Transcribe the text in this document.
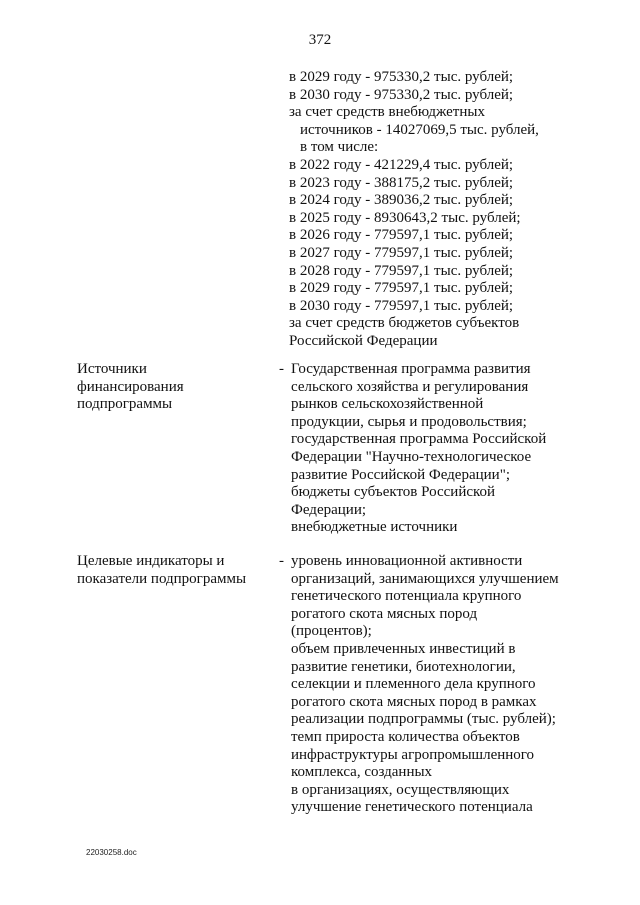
372
в 2029 году - 975330,2 тыс. рублей;
в 2030 году - 975330,2 тыс. рублей;
за счет средств внебюджетных
источников - 14027069,5 тыс. рублей,
в том числе:
в 2022 году - 421229,4 тыс. рублей;
в 2023 году - 388175,2 тыс. рублей;
в 2024 году - 389036,2 тыс. рублей;
в 2025 году - 8930643,2 тыс. рублей;
в 2026 году - 779597,1 тыс. рублей;
в 2027 году - 779597,1 тыс. рублей;
в 2028 году - 779597,1 тыс. рублей;
в 2029 году - 779597,1 тыс. рублей;
в 2030 году - 779597,1 тыс. рублей;
за счет средств бюджетов субъектов
Российской Федерации
Источники
финансирования
подпрограммы
- Государственная программа развития
сельского хозяйства и регулирования
рынков сельскохозяйственной
продукции, сырья и продовольствия;
государственная программа Российской
Федерации "Научно-технологическое
развитие Российской Федерации";
бюджеты субъектов Российской
Федерации;
внебюджетные источники
Целевые индикаторы и
показатели подпрограммы
- уровень инновационной активности
организаций, занимающихся улучшением
генетического потенциала крупного
рогатого скота мясных пород
(процентов);
объем привлеченных инвестиций в
развитие генетики, биотехнологии,
селекции и племенного дела крупного
рогатого скота мясных пород в рамках
реализации подпрограммы (тыс. рублей);
темп прироста количества объектов
инфраструктуры агропромышленного
комплекса, созданных
в организациях, осуществляющих
улучшение генетического потенциала
22030258.doc
